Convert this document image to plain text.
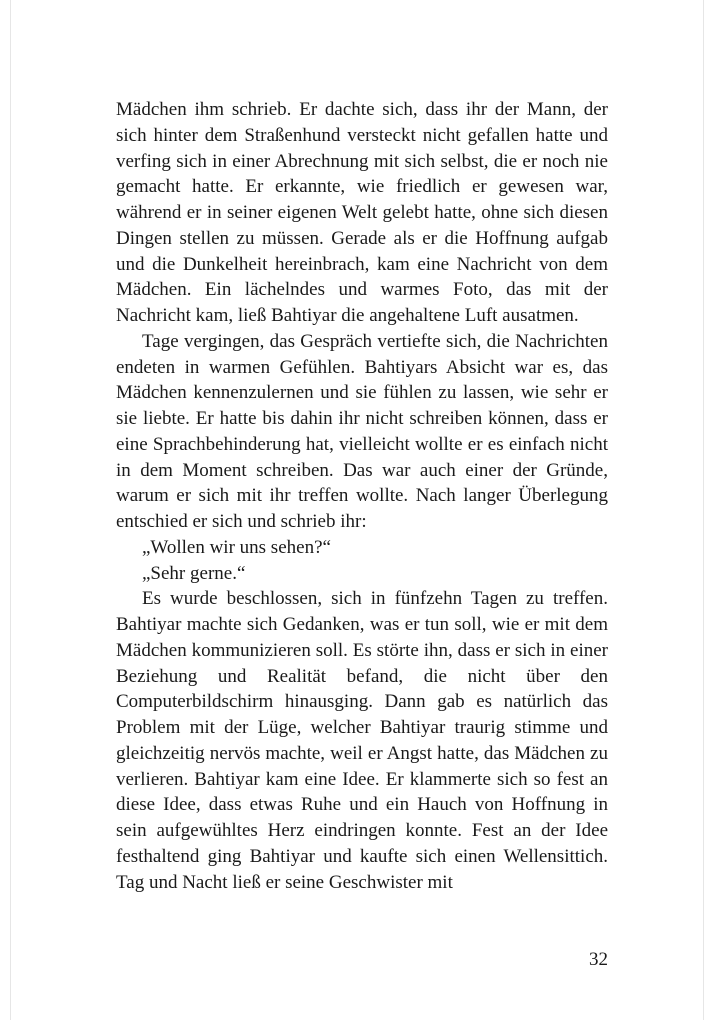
Mädchen ihm schrieb. Er dachte sich, dass ihr der Mann, der sich hinter dem Straßenhund versteckt nicht gefallen hatte und verfing sich in einer Abrechnung mit sich selbst, die er noch nie gemacht hatte. Er erkannte, wie friedlich er gewesen war, während er in seiner eigenen Welt gelebt hatte, ohne sich diesen Dingen stellen zu müssen. Gerade als er die Hoffnung aufgab und die Dunkelheit hereinbrach, kam eine Nachricht von dem Mädchen. Ein lächelndes und warmes Foto, das mit der Nachricht kam, ließ Bahtiyar die angehaltene Luft ausatmen.

Tage vergingen, das Gespräch vertiefte sich, die Nachrichten endeten in warmen Gefühlen. Bahtiyars Absicht war es, das Mädchen kennenzulernen und sie fühlen zu lassen, wie sehr er sie liebte. Er hatte bis dahin ihr nicht schreiben können, dass er eine Sprachbehinderung hat, vielleicht wollte er es einfach nicht in dem Moment schreiben. Das war auch einer der Gründe, warum er sich mit ihr treffen wollte. Nach langer Überlegung entschied er sich und schrieb ihr:

„Wollen wir uns sehen?“

„Sehr gerne.“

Es wurde beschlossen, sich in fünfzehn Tagen zu treffen. Bahtiyar machte sich Gedanken, was er tun soll, wie er mit dem Mädchen kommunizieren soll. Es störte ihn, dass er sich in einer Beziehung und Realität befand, die nicht über den Computerbildschirm hinausging. Dann gab es natürlich das Problem mit der Lüge, welcher Bahtiyar traurig stimme und gleichzeitig nervös machte, weil er Angst hatte, das Mädchen zu verlieren. Bahtiyar kam eine Idee. Er klammerte sich so fest an diese Idee, dass etwas Ruhe und ein Hauch von Hoffnung in sein aufgewühltes Herz eindringen konnte. Fest an der Idee festhaltend ging Bahtiyar und kaufte sich einen Wellensittich. Tag und Nacht ließ er seine Geschwister mit

32
